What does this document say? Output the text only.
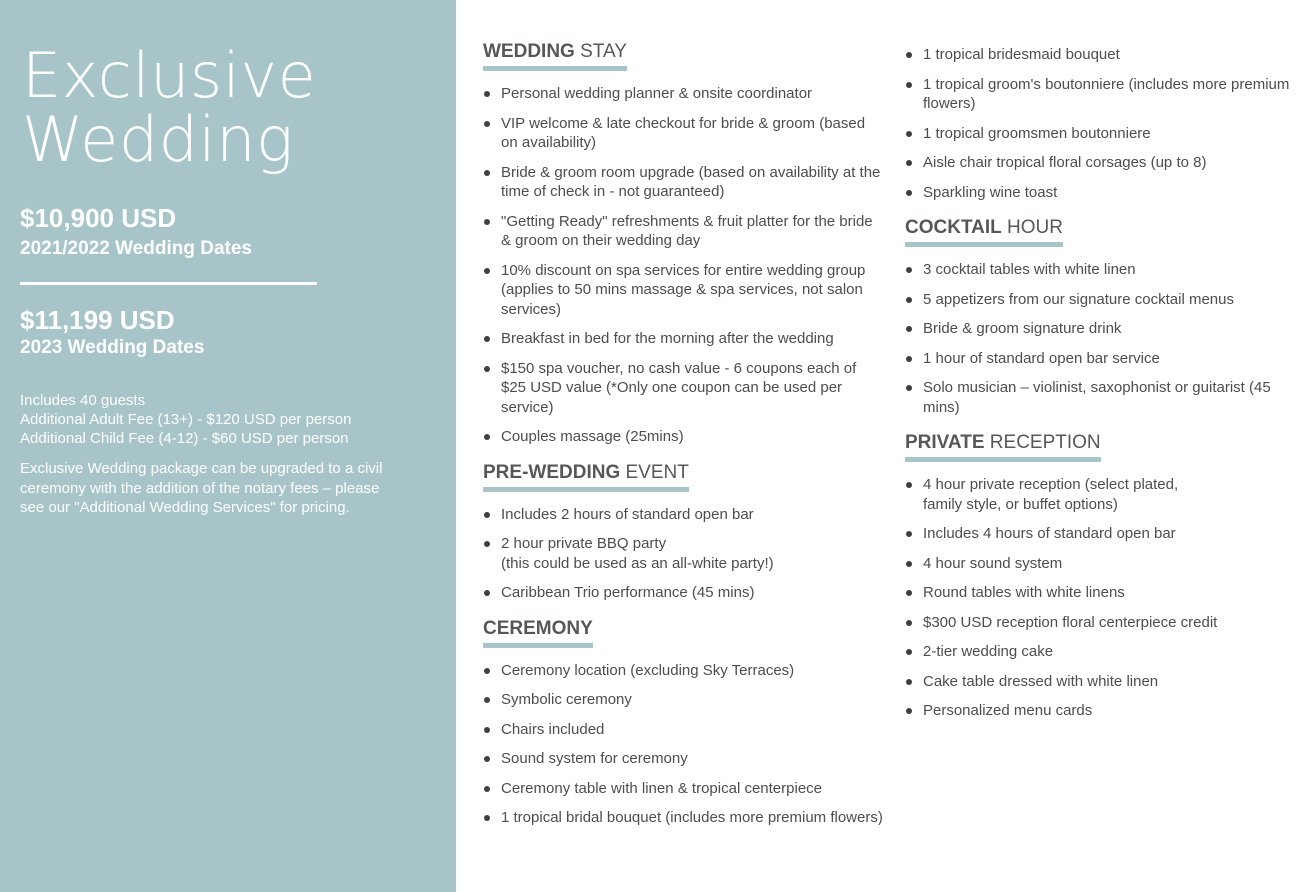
Exclusive
Wedding
$10,900 USD
2021/2022 Wedding Dates
$11,199 USD
2023 Wedding Dates
Includes 40 guests
Additional Adult Fee (13+) - $120 USD per person
Additional Child Fee (4-12) - $60 USD per person
Exclusive Wedding package can be upgraded to a civil ceremony with the addition of the notary fees – please see our "Additional Wedding Services" for pricing.
WEDDING STAY
Personal wedding planner & onsite coordinator
VIP welcome & late checkout for bride & groom (based on availability)
Bride & groom room upgrade (based on availability at the time of check in - not guaranteed)
"Getting Ready" refreshments & fruit platter for the bride & groom on their wedding day
10% discount on spa services for entire wedding group (applies to 50 mins massage & spa services, not salon services)
Breakfast in bed for the morning after the wedding
$150 spa voucher, no cash value - 6 coupons each of $25 USD value (*Only one coupon can be used per service)
Couples massage (25mins)
PRE-WEDDING EVENT
Includes 2 hours of standard open bar
2 hour private BBQ party
(this could be used as an all-white party!)
Caribbean Trio performance (45 mins)
CEREMONY
Ceremony location (excluding Sky Terraces)
Symbolic ceremony
Chairs included
Sound system for ceremony
Ceremony table with linen & tropical centerpiece
1 tropical bridal bouquet (includes more premium flowers)
1 tropical bridesmaid bouquet
1 tropical groom's boutonniere (includes more premium flowers)
1 tropical groomsmen boutonniere
Aisle chair tropical floral corsages (up to 8)
Sparkling wine toast
COCKTAIL HOUR
3 cocktail tables with white linen
5 appetizers from our signature cocktail menus
Bride & groom signature drink
1 hour of standard open bar service
Solo musician – violinist, saxophonist or guitarist (45 mins)
PRIVATE RECEPTION
4 hour private reception (select plated,
family style, or buffet options)
Includes 4 hours of standard open bar
4 hour sound system
Round tables with white linens
$300 USD reception floral centerpiece credit
2-tier wedding cake
Cake table dressed with white linen
Personalized menu cards
